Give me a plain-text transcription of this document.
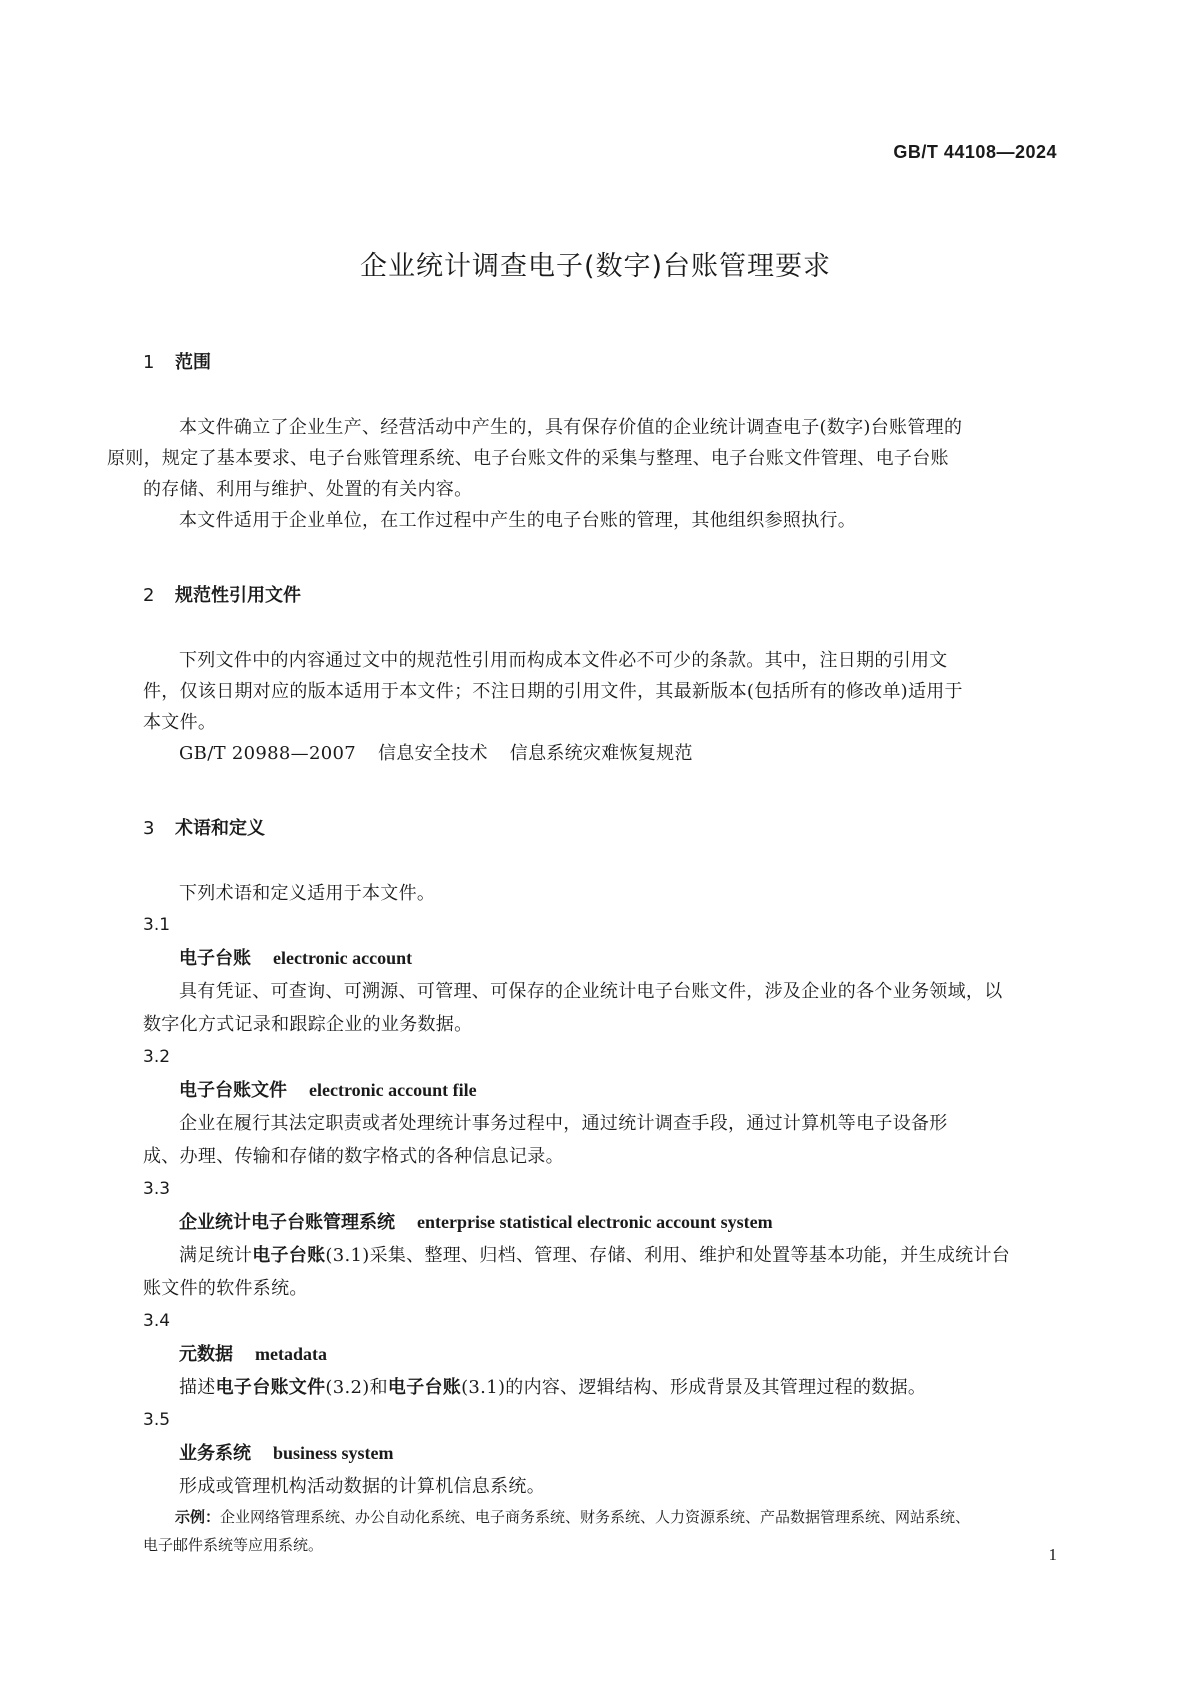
GB/T 44108—2024
企业统计调查电子(数字)台账管理要求
1 范围

本文件确立了企业生产、经营活动中产生的，具有保存价值的企业统计调查电子(数字)台账管理的
原则，规定了基本要求、电子台账管理系统、电子台账文件的采集与整理、电子台账文件管理、电子台账
的存储、利用与维护、处置的有关内容。

本文件适用于企业单位，在工作过程中产生的电子台账的管理，其他组织参照执行。

2 规范性引用文件

下列文件中的内容通过文中的规范性引用而构成本文件必不可少的条款。其中，注日期的引用文
件，仅该日期对应的版本适用于本文件；不注日期的引用文件，其最新版本(包括所有的修改单)适用于
本文件。

GB/T 20988—2007 信息安全技术 信息系统灾难恢复规范

3 术语和定义

下列术语和定义适用于本文件。

3.1
电子台账 electronic account

具有凭证、可查询、可溯源、可管理、可保存的企业统计电子台账文件，涉及企业的各个业务领域，以
数字化方式记录和跟踪企业的业务数据。

3.2
电子台账文件 electronic account file

企业在履行其法定职责或者处理统计事务过程中，通过统计调查手段，通过计算机等电子设备形
成、办理、传输和存储的数字格式的各种信息记录。

3.3
企业统计电子台账管理系统 enterprise statistical electronic account system

满足统计电子台账(3.1)采集、整理、归档、管理、存储、利用、维护和处置等基本功能，并生成统计台
账文件的软件系统。

3.4
元数据 metadata

描述电子台账文件(3.2)和电子台账(3.1)的内容、逻辑结构、形成背景及其管理过程的数据。

3.5
业务系统 business system

形成或管理机构活动数据的计算机信息系统。

示例：企业网络管理系统、办公自动化系统、电子商务系统、财务系统、人力资源系统、产品数据管理系统、网站系统、

电子邮件系统等应用系统。	1
